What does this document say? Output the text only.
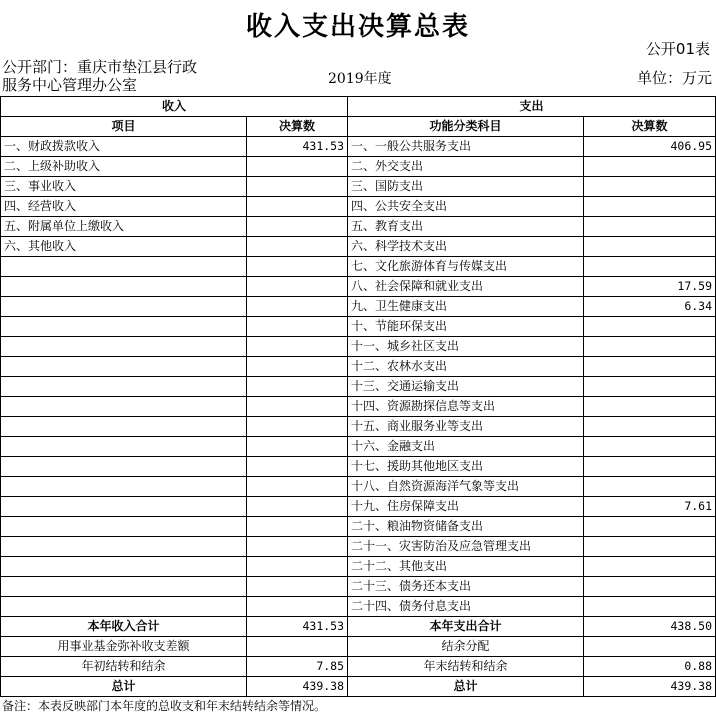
收入支出决算总表
公开01表
公开部门：重庆市垫江县行政
服务中心管理办公室	2019年度	单位：万元
收入		支出	
项目	决算数	功能分类科目	决算数
一、财政拨款收入	431.53	一、一般公共服务支出	406.95
二、上级补助收入		二、外交支出	
三、事业收入		三、国防支出	
四、经营收入		四、公共安全支出	
五、附属单位上缴收入		五、教育支出	
六、其他收入		六、科学技术支出	
		七、文化旅游体育与传媒支出	
		八、社会保障和就业支出	17.59
		九、卫生健康支出	6.34
		十、节能环保支出	
		十一、城乡社区支出	
		十二、农林水支出	
		十三、交通运输支出	
		十四、资源勘探信息等支出	
		十五、商业服务业等支出	
		十六、金融支出	
		十七、援助其他地区支出	
		十八、自然资源海洋气象等支出	
		十九、住房保障支出	7.61
		二十、粮油物资储备支出	
		二十一、灾害防治及应急管理支出	
		二十二、其他支出	
		二十三、债务还本支出	
		二十四、债务付息支出	
本年收入合计	431.53	本年支出合计	438.50
用事业基金弥补收支差额		结余分配	
年初结转和结余	7.85	年末结转和结余	0.88
总计	439.38	总计	439.38
备注：本表反映部门本年度的总收支和年末结转结余等情况。
